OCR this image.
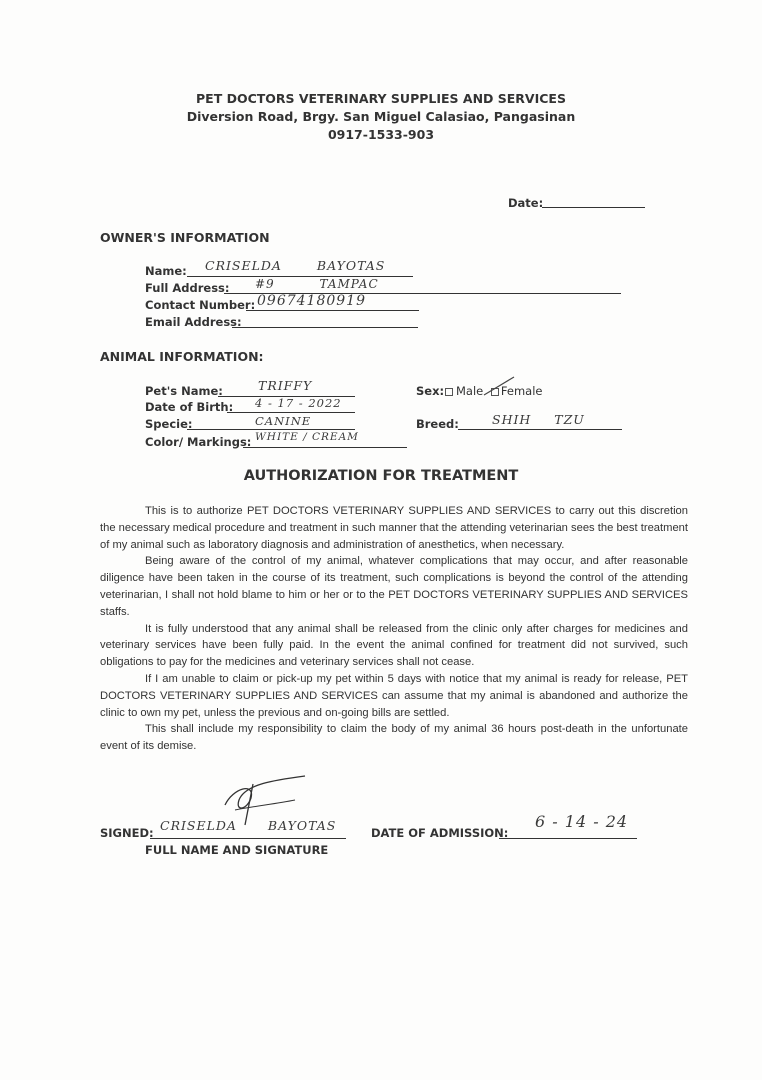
PET DOCTORS VETERINARY SUPPLIES AND SERVICES
Diversion Road, Brgy. San Miguel Calasiao, Pangasinan
0917-1533-903
Date:
OWNER'S INFORMATION
Name: CRISELDA BAYOTAS
Full Address: #9 TAMPAC
Contact Number: 09674180919
Email Address:
ANIMAL INFORMATION:
Pet's Name:	TRIFFY
Date of Birth: 4 - 17 - 2022
Specie:	CANINE
Color/ Markings: WHITE / CREAM
Sex:	Male Female
Breed:	SHIH TZU
AUTHORIZATION FOR TREATMENT

This is to authorize PET DOCTORS VETERINARY SUPPLIES AND SERVICES to carry out this discretion the necessary medical procedure and treatment in such manner that the attending veterinarian sees the best treatment of my animal such as laboratory diagnosis and administration of anesthetics, when necessary.

Being aware of the control of my animal, whatever complications that may occur, and after reasonable diligence have been taken in the course of its treatment, such complications is beyond the control of the attending veterinarian, I shall not hold blame to him or her or to the PET DOCTORS VETERINARY SUPPLIES AND SERVICES staffs.

It is fully understood that any animal shall be released from the clinic only after charges for medicines and veterinary services have been fully paid. In the event the animal confined for treatment did not survived, such obligations to pay for the medicines and veterinary services shall not cease.

If I am unable to claim or pick-up my pet within 5 days with notice that my animal is ready for release, PET DOCTORS VETERINARY SUPPLIES AND SERVICES can assume that my animal is abandoned and authorize the clinic to own my pet, unless the previous and on-going bills are settled.

This shall include my responsibility to claim the body of my animal 36 hours post-death in the unfortunate event of its demise.

SIGNED: CRISELDA BAYOTAS
FULL NAME AND SIGNATURE
DATE OF ADMISSION:
6 - 14 - 24
